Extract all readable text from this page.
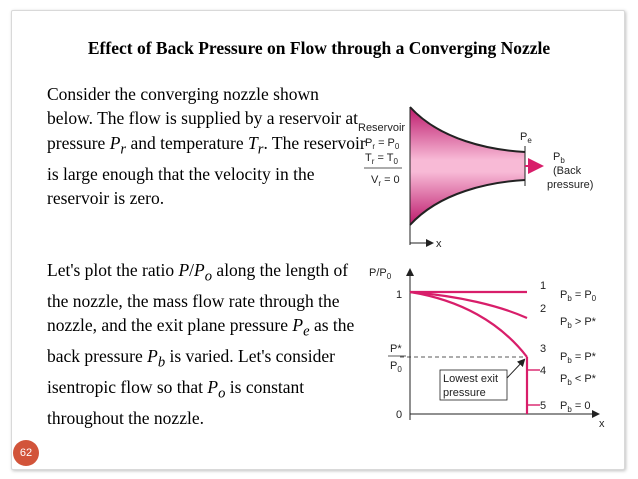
Effect of Back Pressure on Flow through a Converging Nozzle
Consider the converging nozzle shown below. The flow is supplied by a reservoir at pressure $P_r$ and temperature $T_r$. The reservoir is large enough that the velocity in the reservoir is zero.
Let's plot the ratio $P/P_o$ along the length of the nozzle, the mass flow rate through the nozzle, and the exit plane pressure $P_e$ as the back pressure $P_b$ is varied. Let's consider isentropic flow so that $P_o$ is constant throughout the nozzle.
x
Reservoir
$P_r = P_0$
$T_r = T_0$
$V_r = 0$
$P_e$
$P_b$
(Back
pressure)
$P/P_0$
x
1
0
P*
$P_0$
Lowest exit
pressure
1
$P_b = P_0$
2
$P_b > P*$
3
$P_b = P*$
4
$P_b < P*$
5 $P_b = 0$
62
